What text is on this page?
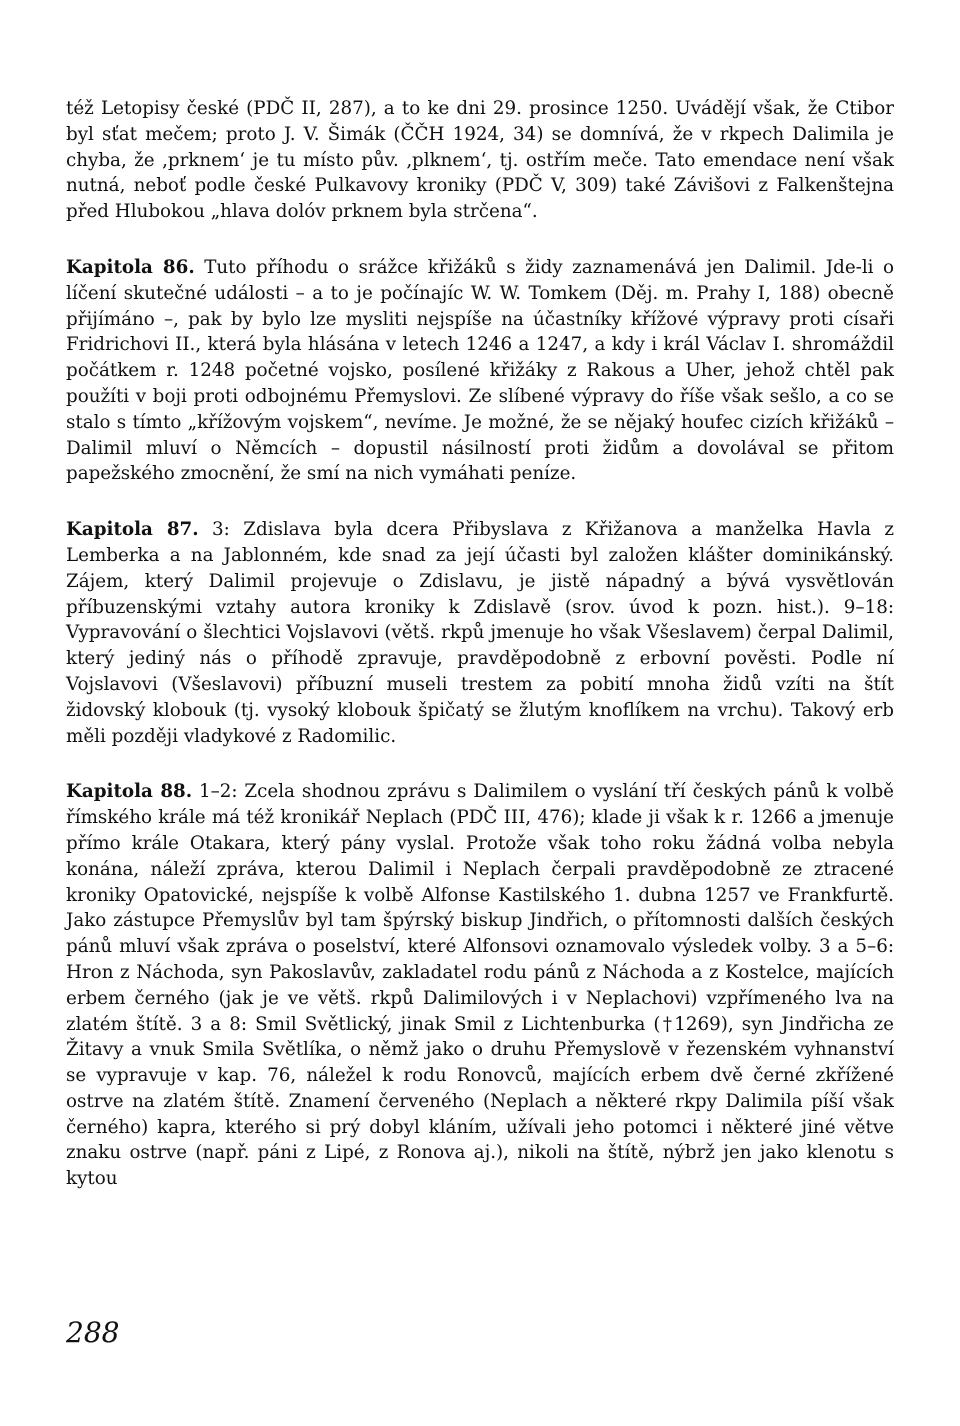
též Letopisy české (PDČ II, 287), a to ke dni 29. prosince 1250. Uvádějí však, že Ctibor byl sťat mečem; proto J. V. Šimák (ČČH 1924, 34) se domnívá, že v rkpech Dalimila je chyba, že ‚prknem‘ je tu místo pův. ‚plknem‘, tj. ostřím meče. Tato emendace není však nutná, neboť podle české Pulkavovy kroniky (PDČ V, 309) také Závišovi z Falkenštejna před Hlubokou „hlava dolóv prknem byla strčena“.

Kapitola 86. Tuto příhodu o srážce křižáků s židy zaznamenává jen Dalimil. Jde-li o líčení skutečné události – a to je počínajíc W. W. Tomkem (Děj. m. Prahy I, 188) obecně přijímáno –, pak by bylo lze mysliti nejspíše na účastníky křížové výpravy proti císaři Fridrichovi II., která byla hlásána v letech 1246 a 1247, a kdy i král Václav I. shromáždil počátkem r. 1248 početné vojsko, posílené křižáky z Rakous a Uher, jehož chtěl pak použíti v boji proti odbojnému Přemyslovi. Ze slíbené výpravy do říše však sešlo, a co se stalo s tímto „křížovým vojskem“, nevíme. Je možné, že se nějaký houfec cizích křižáků – Dalimil mluví o Němcích – dopustil násilností proti židům a dovolával se přitom papežského zmocnění, že smí na nich vymáhati peníze.

Kapitola 87. 3: Zdislava byla dcera Přibyslava z Křižanova a manželka Havla z Lemberka a na Jablonném, kde snad za její účasti byl založen klášter dominikánský. Zájem, který Dalimil projevuje o Zdislavu, je jistě nápadný a bývá vysvětlován příbuzenskými vztahy autora kroniky k Zdislavě (srov. úvod k pozn. hist.). 9–18: Vypravování o šlechtici Vojslavovi (větš. rkpů jmenuje ho však Všeslavem) čerpal Dalimil, který jediný nás o příhodě zpravuje, pravděpodobně z erbovní pověsti. Podle ní Vojslavovi (Všeslavovi) příbuzní museli trestem za pobití mnoha židů vzíti na štít židovský klobouk (tj. vysoký klobouk špičatý se žlutým knoflíkem na vrchu). Takový erb měli později vladykové z Radomilic.

Kapitola 88. 1–2: Zcela shodnou zprávu s Dalimilem o vyslání tří českých pánů k volbě římského krále má též kronikář Neplach (PDČ III, 476); klade ji však k r. 1266 a jmenuje přímo krále Otakara, který pány vyslal. Protože však toho roku žádná volba nebyla konána, náleží zpráva, kterou Dalimil i Neplach čerpali pravděpodobně ze ztracené kroniky Opatovické, nejspíše k volbě Alfonse Kastilského 1. dubna 1257 ve Frankfurtě. Jako zástupce Přemyslův byl tam špýrský biskup Jindřich, o přítomnosti dalších českých pánů mluví však zpráva o poselství, které Alfonsovi oznamovalo výsledek volby. 3 a 5–6: Hron z Náchoda, syn Pakoslavův, zakladatel rodu pánů z Náchoda a z Kostelce, majících erbem černého (jak je ve větš. rkpů Dalimilových i v Neplachovi) vzpřímeného lva na zlatém štítě. 3 a 8: Smil Světlický, jinak Smil z Lichtenburka (†1269), syn Jindřicha ze Žitavy a vnuk Smila Světlíka, o němž jako o druhu Přemyslově v řezenském vyhnanství se vypravuje v kap. 76, náležel k rodu Ronovců, majících erbem dvě černé zkřížené ostrve na zlatém štítě. Znamení červeného (Neplach a některé rkpy Dalimila píší však černého) kapra, kterého si prý dobyl kláním, užívali jeho potomci i některé jiné větve znaku ostrve (např. páni z Lipé, z Ronova aj.), nikoli na štítě, nýbrž jen jako klenotu s kytou

288
